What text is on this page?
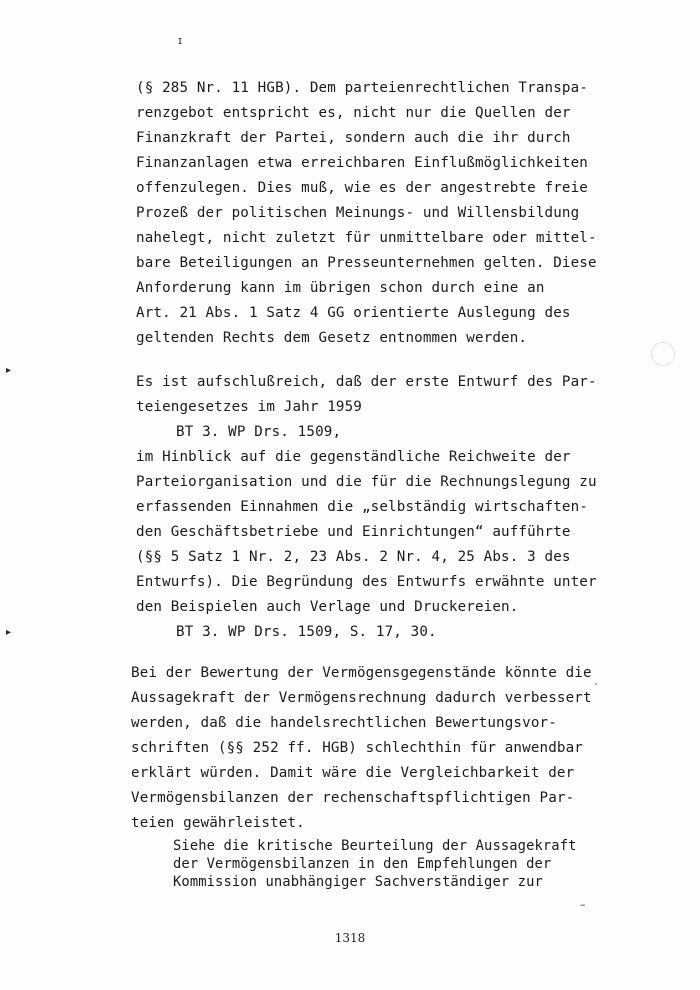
ɪ
(§ 285 Nr. 11 HGB). Dem parteienrechtlichen Transpa-
renzgebot entspricht es, nicht nur die Quellen der
Finanzkraft der Partei, sondern auch die ihr durch
Finanzanlagen etwa erreichbaren Einflußmöglichkeiten
offenzulegen. Dies muß, wie es der angestrebte freie
Prozeß der politischen Meinungs- und Willensbildung
nahelegt, nicht zuletzt für unmittelbare oder mittel-
bare Beteiligungen an Presseunternehmen gelten. Diese
Anforderung kann im übrigen schon durch eine an
Art. 21 Abs. 1 Satz 4 GG orientierte Auslegung des
geltenden Rechts dem Gesetz entnommen werden.
▸
Es ist aufschlußreich, daß der erste Entwurf des Par-
teiengesetzes im Jahr 1959
BT 3. WP Drs. 1509,
im Hinblick auf die gegenständliche Reichweite der
Parteiorganisation und die für die Rechnungslegung zu
erfassenden Einnahmen die „selbständig wirtschaften-
den Geschäftsbetriebe und Einrichtungen“ aufführte
(§§ 5 Satz 1 Nr. 2, 23 Abs. 2 Nr. 4, 25 Abs. 3 des
Entwurfs). Die Begründung des Entwurfs erwähnte unter
den Beispielen auch Verlage und Druckereien.
BT 3. WP Drs. 1509, S. 17, 30.
▸
Bei der Bewertung der Vermögensgegenstände könnte die
Aussagekraft der Vermögensrechnung dadurch verbessert
werden, daß die handelsrechtlichen Bewertungsvor-
schriften (§§ 252 ff. HGB) schlechthin für anwendbar
erklärt würden. Damit wäre die Vergleichbarkeit der
Vermögensbilanzen der rechenschaftspflichtigen Par-
teien gewährleistet.
Siehe die kritische Beurteilung der Aussagekraft
der Vermögensbilanzen in den Empfehlungen der
Kommission unabhängiger Sachverständiger zur
–
1318
